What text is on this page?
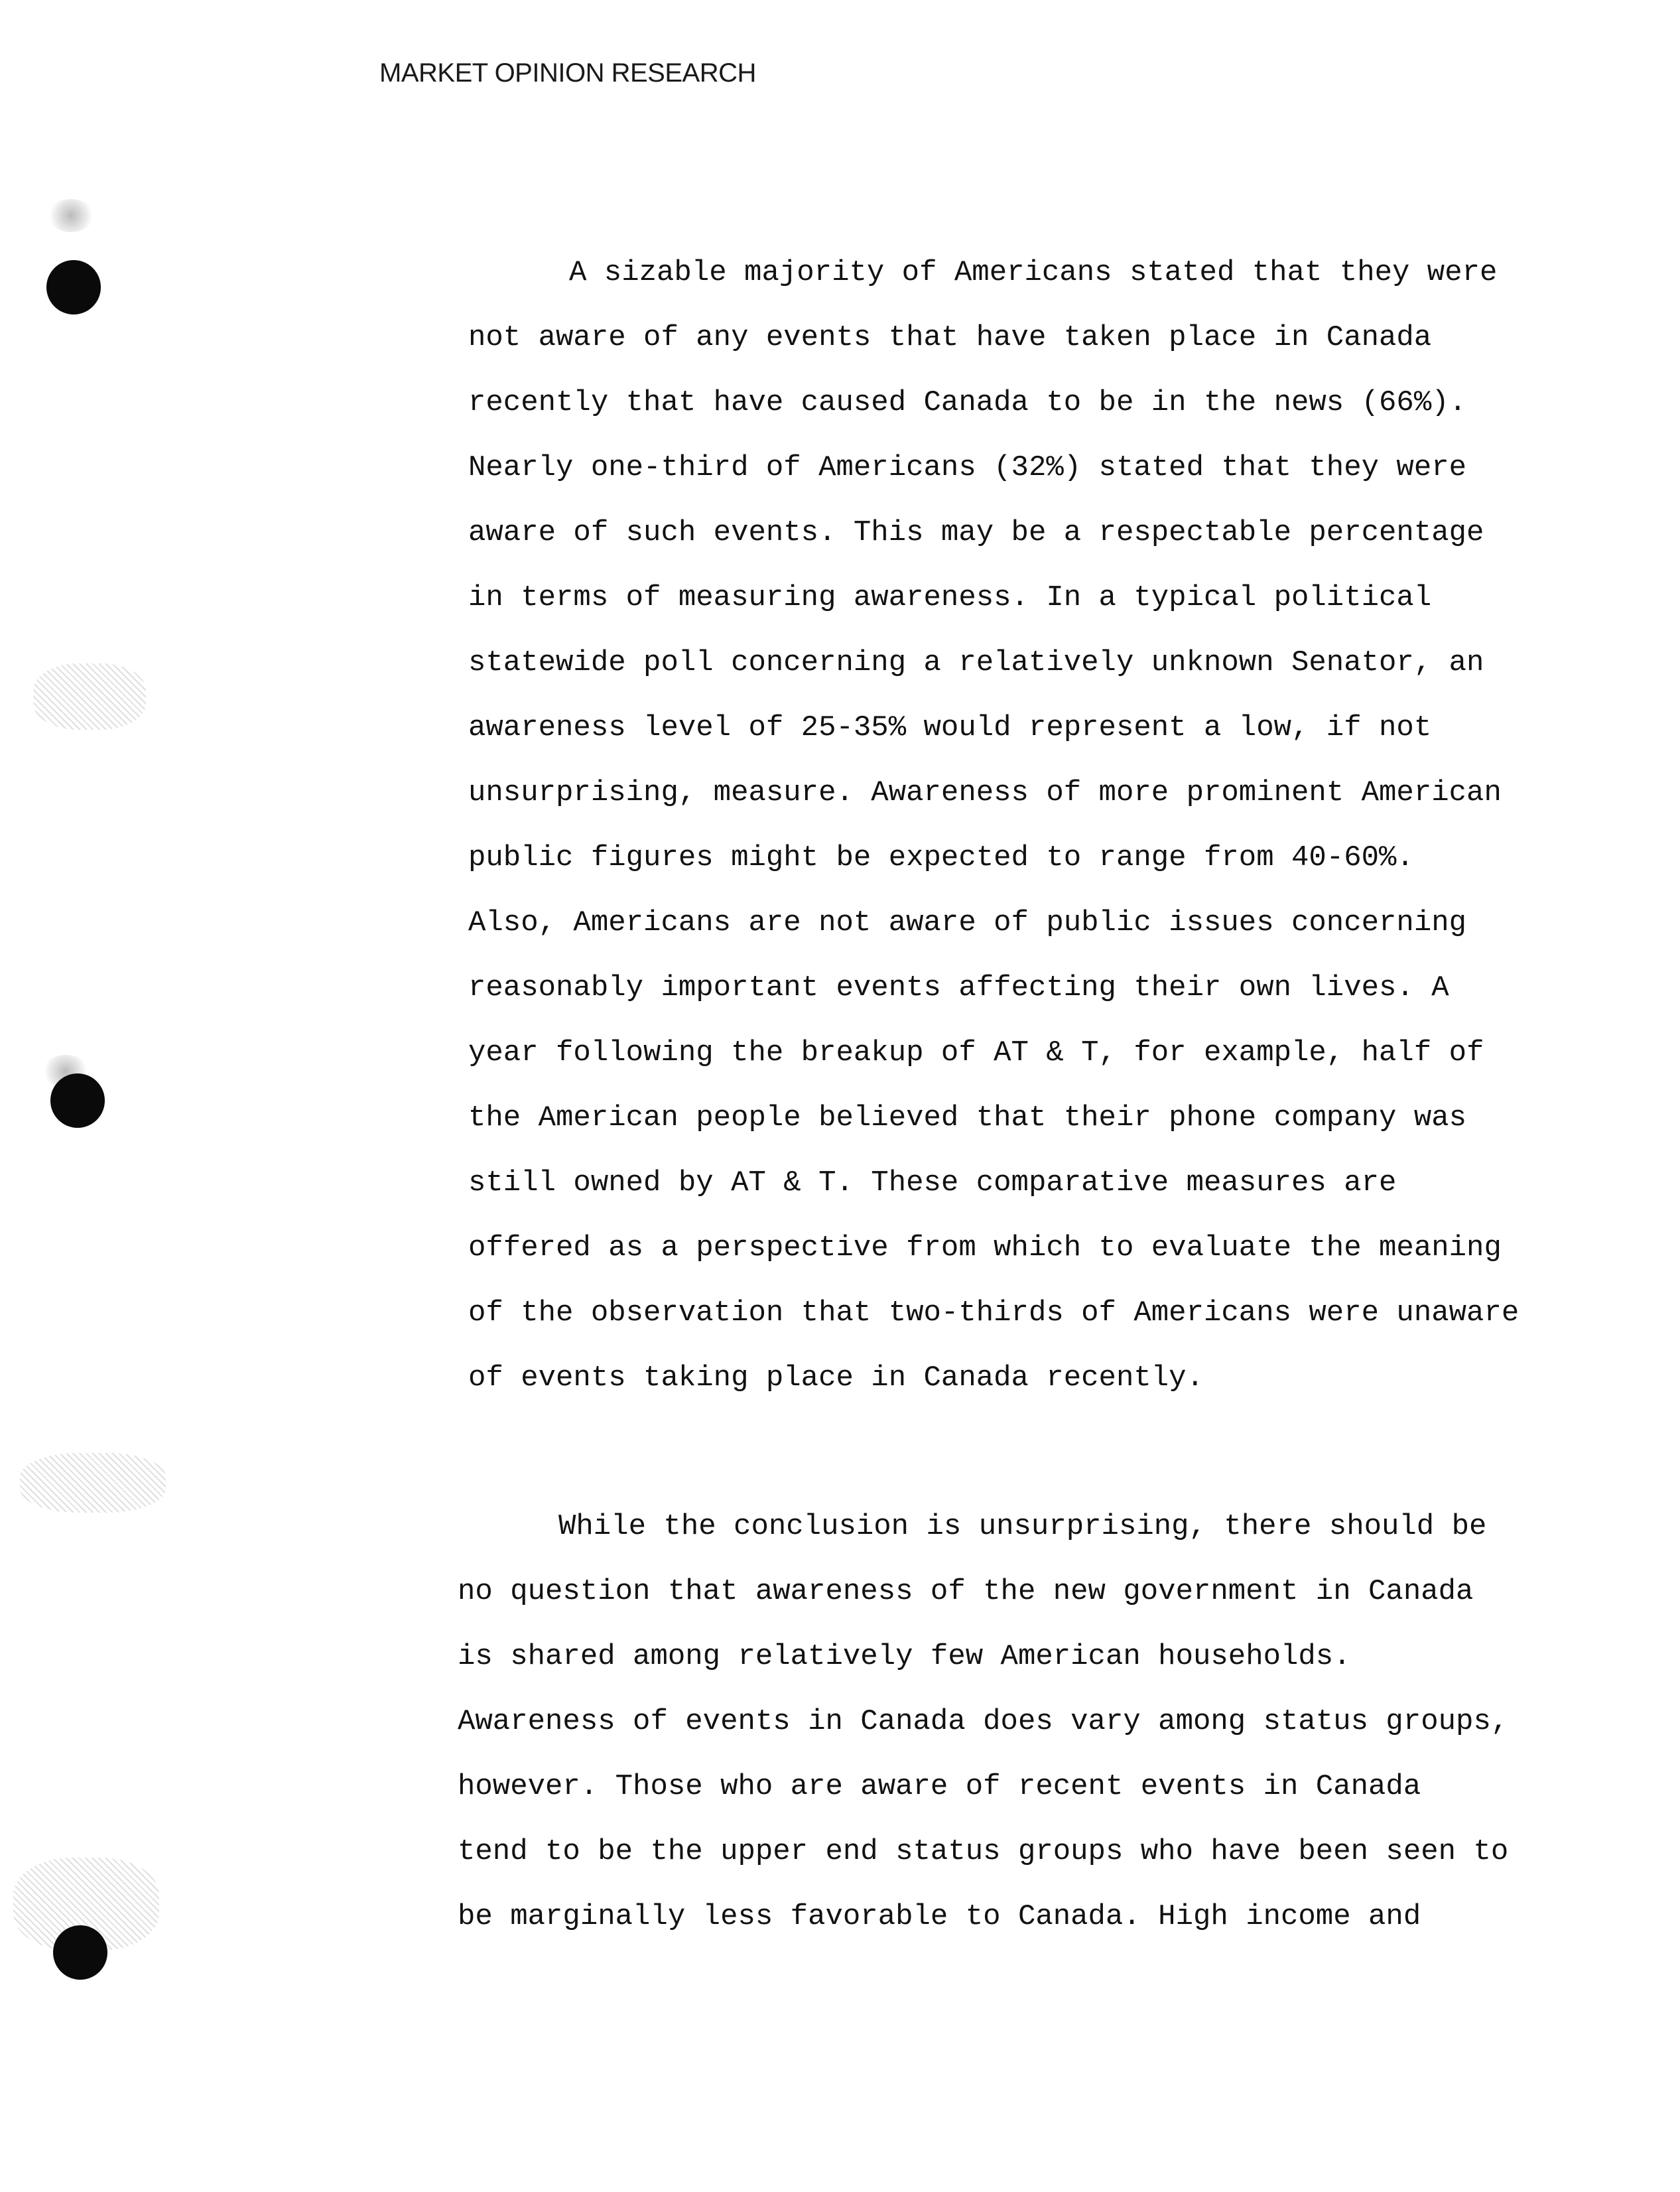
MARKET OPINION RESEARCH
A sizable majority of Americans stated that they were
not aware of any events that have taken place in Canada
recently that have caused Canada to be in the news (66%).
Nearly one-third of Americans (32%) stated that they were
aware of such events. This may be a respectable percentage
in terms of measuring awareness. In a typical political
statewide poll concerning a relatively unknown Senator, an
awareness level of 25-35% would represent a low, if not
unsurprising, measure. Awareness of more prominent American
public figures might be expected to range from 40-60%.
Also, Americans are not aware of public issues concerning
reasonably important events affecting their own lives. A
year following the breakup of AT & T, for example, half of
the American people believed that their phone company was
still owned by AT & T. These comparative measures are
offered as a perspective from which to evaluate the meaning
of the observation that two-thirds of Americans were unaware
of events taking place in Canada recently.
While the conclusion is unsurprising, there should be
no question that awareness of the new government in Canada
is shared among relatively few American households.
Awareness of events in Canada does vary among status groups,
however. Those who are aware of recent events in Canada
tend to be the upper end status groups who have been seen to
be marginally less favorable to Canada. High income and
